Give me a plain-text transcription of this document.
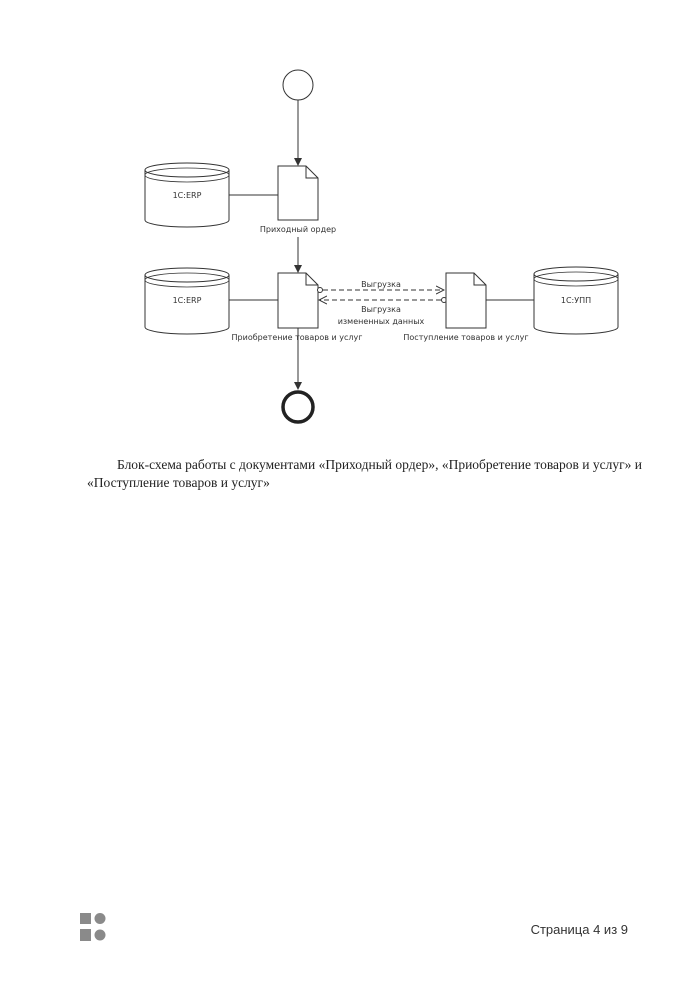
1С:ERP
Приходный ордер
1С:ERP
Приобретение товаров и услуг
Выгрузка
Выгрузка
измененных данных
Поступление товаров и услуг
1С:УПП

Блок-схема работы с документами «Приходный ордер», «Приобретение товаров и услуг» и «Поступление товаров и услуг»

Страница 4 из 9
